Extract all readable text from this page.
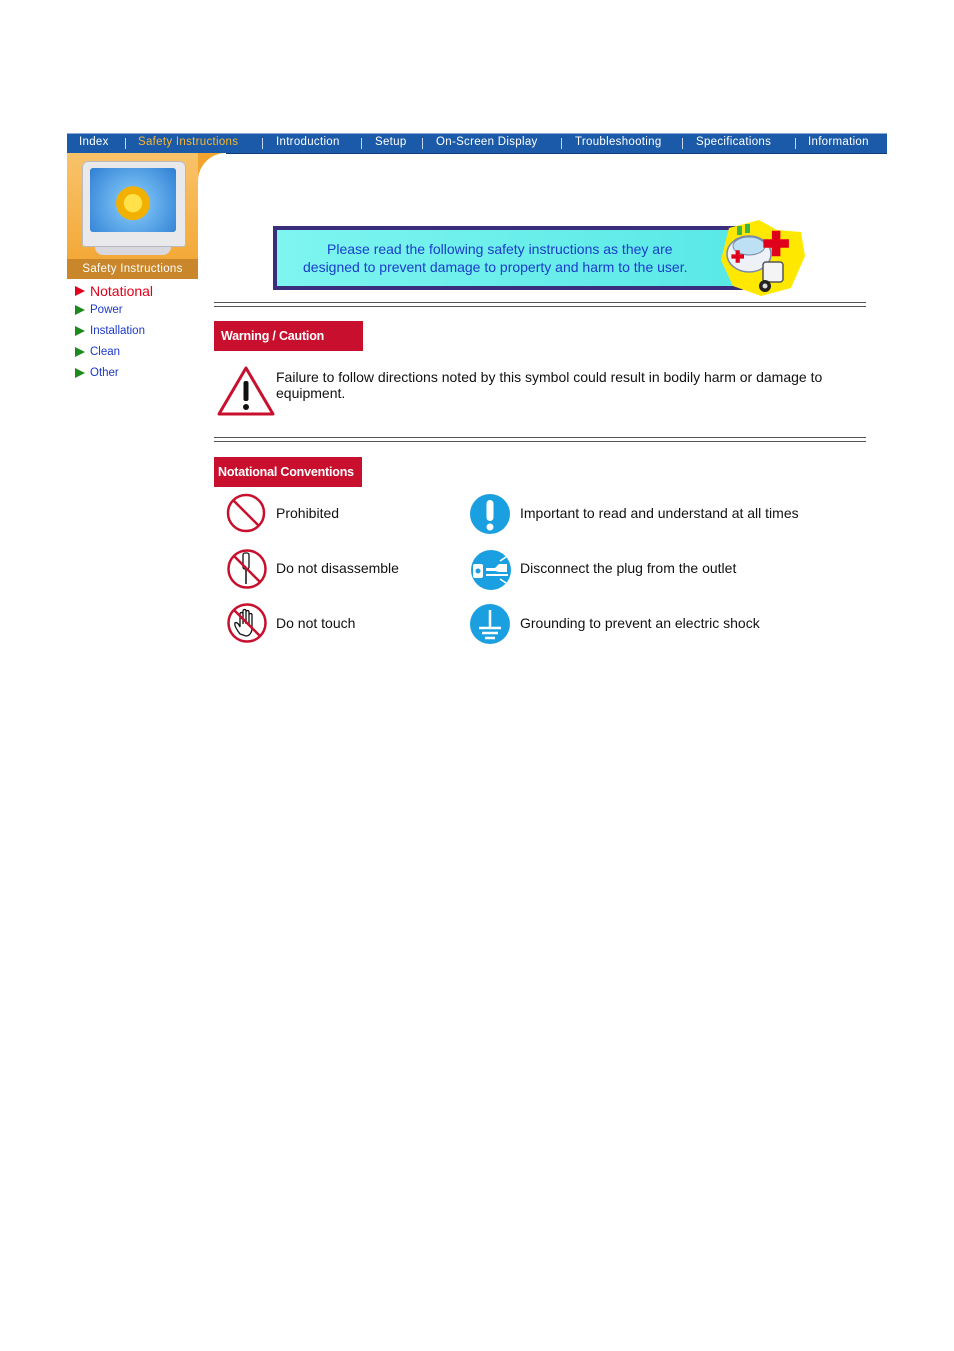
Index	Safety Instructions	Introduction	Setup	On-Screen Display	Troubleshooting	Specifications	Information
Safety Instructions
Notational
Power
Installation
Clean
Other
Please read the following safety instructions as they are
designed to prevent damage to property and harm to the user.
Warning / Caution
Failure to follow directions noted by this symbol could result in bodily harm or damage to equipment.
Notational Conventions
Prohibited	Important to read and understand at all times
Do not disassemble	Disconnect the plug from the outlet
Do not touch	Grounding to prevent an electric shock
